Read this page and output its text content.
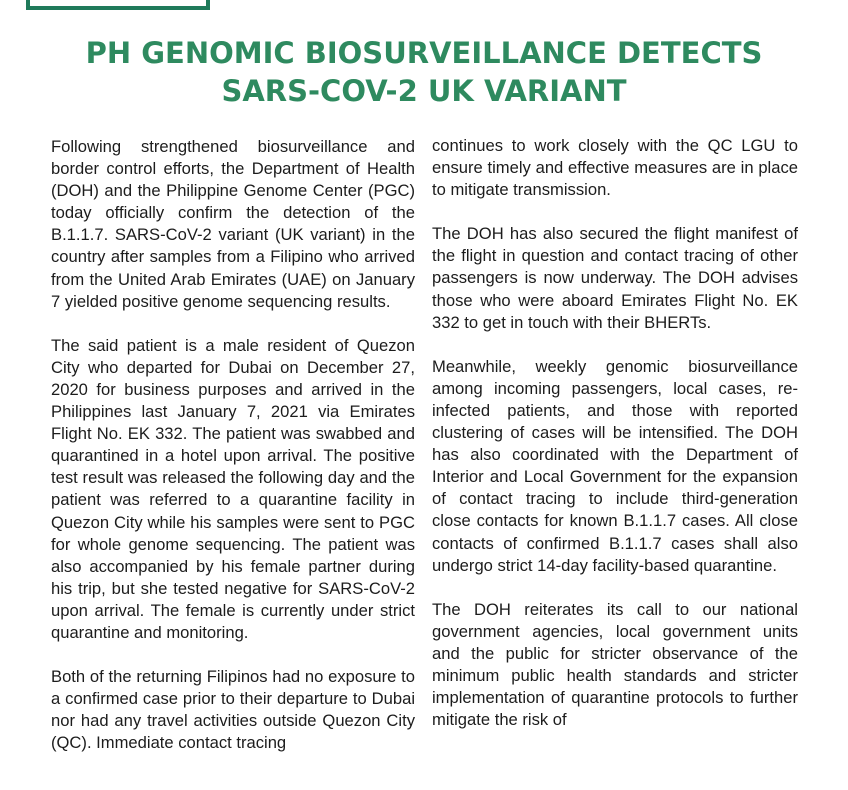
PH GENOMIC BIOSURVEILLANCE DETECTS
SARS-COV-2 UK VARIANT

Following strengthened biosurveillance and border control efforts, the Department of Health (DOH) and the Philippine Genome Center (PGC) today officially confirm the detection of the B.1.1.7. SARS-CoV-2 variant (UK variant) in the country after samples from a Filipino who arrived from the United Arab Emirates (UAE) on January 7 yielded positive genome sequencing results.

The said patient is a male resident of Quezon City who departed for Dubai on December 27, 2020 for business purposes and arrived in the Philippines last January 7, 2021 via Emirates Flight No. EK 332. The patient was swabbed and quarantined in a hotel upon arrival. The positive test result was released the following day and the patient was referred to a quarantine facility in Quezon City while his samples were sent to PGC for whole genome sequencing. The patient was also accompanied by his female partner during his trip, but she tested negative for SARS-CoV-2 upon arrival. The female is currently under strict quarantine and monitoring.

Both of the returning Filipinos had no exposure to a confirmed case prior to their departure to Dubai nor had any travel activities outside Quezon City (QC). Immediate contact tracing

continues to work closely with the QC LGU to ensure timely and effective measures are in place to mitigate transmission.

The DOH has also secured the flight manifest of the flight in question and contact tracing of other passengers is now underway. The DOH advises those who were aboard Emirates Flight No. EK 332 to get in touch with their BHERTs.

Meanwhile, weekly genomic biosurveillance among incoming passengers, local cases, re-infected patients, and those with reported clustering of cases will be intensified. The DOH has also coordinated with the Department of Interior and Local Government for the expansion of contact tracing to include third-generation close contacts for known B.1.1.7 cases. All close contacts of confirmed B.1.1.7 cases shall also undergo strict 14-day facility-based quarantine.

The DOH reiterates its call to our national government agencies, local government units and the public for stricter observance of the minimum public health standards and stricter implementation of quarantine protocols to further mitigate the risk of
